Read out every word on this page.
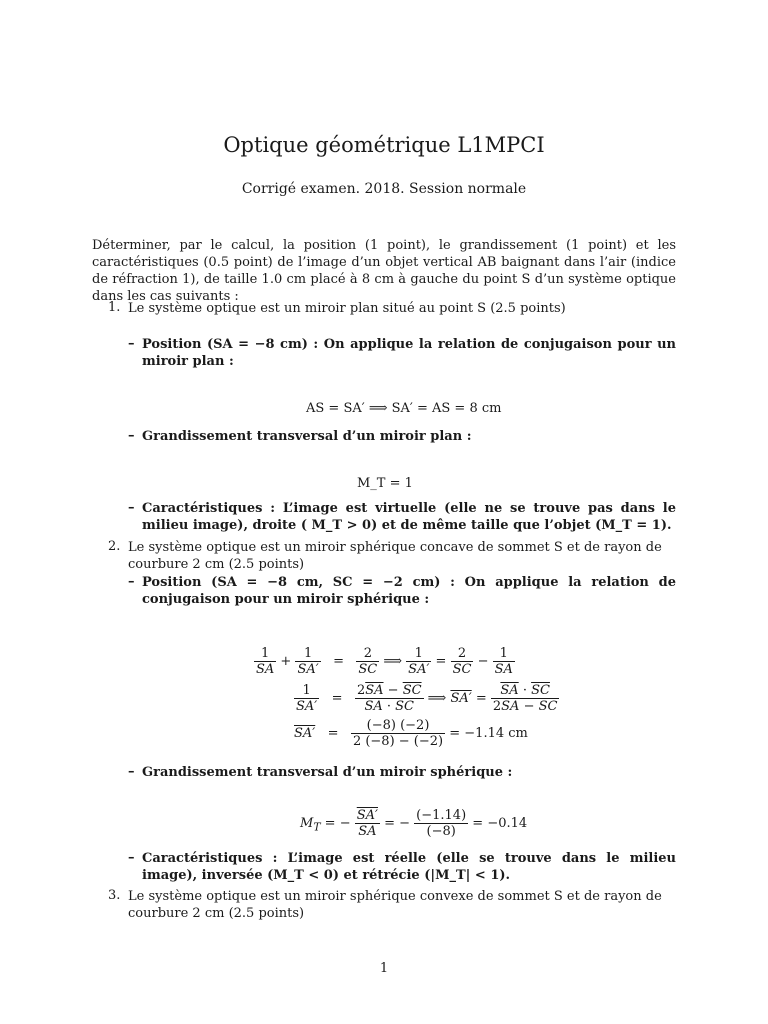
Optique géométrique L1MPCI
Corrigé examen. 2018. Session normale
Déterminer, par le calcul, la position (1 point), le grandissement (1 point) et les caractéristiques (0.5 point) de l’image d’un objet vertical AB baignant dans l’air (indice de réfraction 1), de taille 1.0 cm placé à 8 cm à gauche du point S d’un système optique dans les cas suivants :
1. Le système optique est un miroir plan situé au point S (2.5 points)
– Position (SA = −8 cm) : On applique la relation de conjugaison pour un miroir plan :
AS = SA′ ⟹ SA′ = AS = 8 cm
– Grandissement transversal d’un miroir plan :
M_T = 1
– Caractéristiques : L’image est virtuelle (elle ne se trouve pas dans le milieu image), droite ( M_T > 0) et de même taille que l’objet (M_T = 1).
2. Le système optique est un miroir sphérique concave de sommet S et de rayon de courbure 2 cm (2.5 points)
– Position (SA = −8 cm, SC = −2 cm) : On applique la relation de conjugaison pour un miroir sphérique :
$\frac{1}{SA} + \frac{1}{SA'} = \frac{2}{SC}$ ⟹ $\frac{1}{SA'} = \frac{2}{SC} - \frac{1}{SA}$
$\frac{1}{SA'} = \frac{2\overline{SA} - \overline{SC}}{\overline{SA} \cdot \overline{SC}}$ ⟹ $SA' = \frac{\overline{SA} \cdot \overline{SC}}{2\overline{SA} - \overline{SC}}$
$SA' = \frac{(-8) (-2)}{2 (-8) - (-2)} = -1.14$ cm
– Grandissement transversal d’un miroir sphérique :
$M_T$ = − $\frac{SA'}{SA}$ = − $\frac{(-1.14)}{(-8)} = -0.14$
– Caractéristiques : L’image est réelle (elle se trouve dans le milieu image), inversée (M_T < 0) et rétrécie (|M_T| < 1).
3. Le système optique est un miroir sphérique convexe de sommet S et de rayon de courbure 2 cm (2.5 points)
1
